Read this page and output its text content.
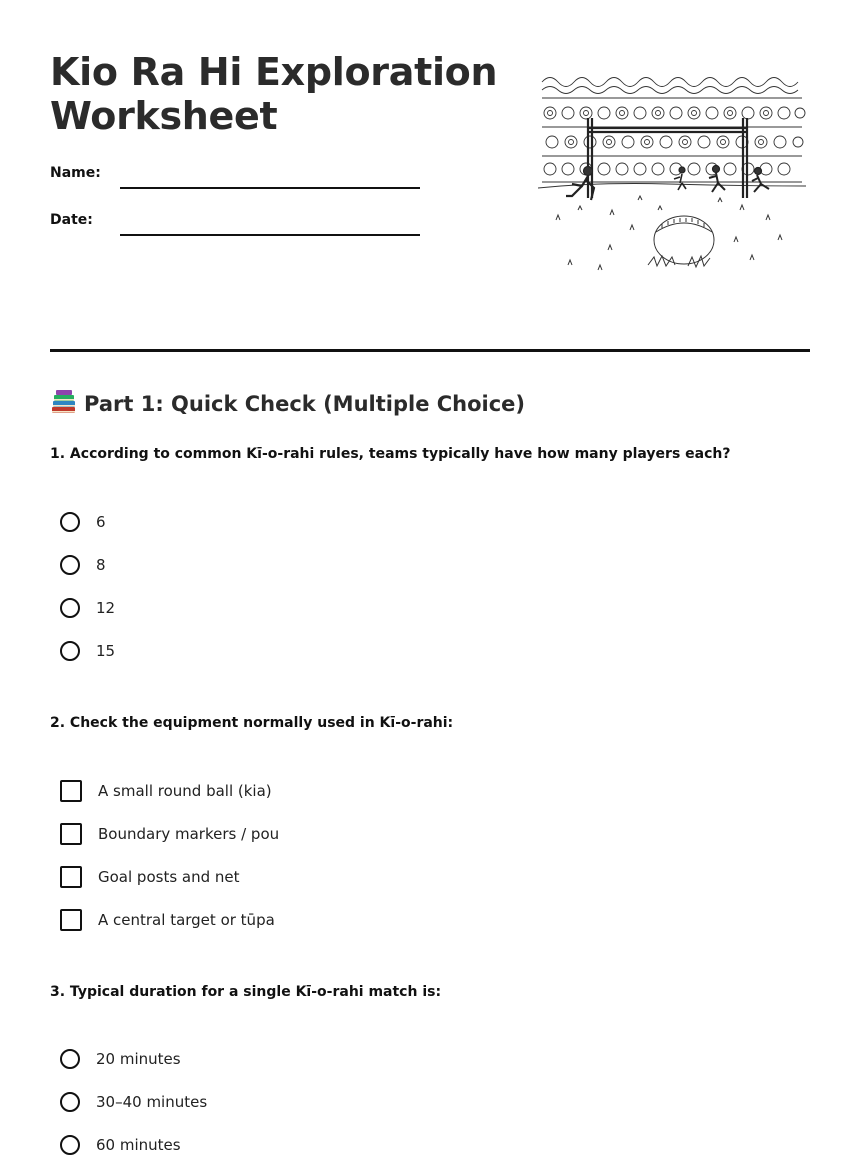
Kio Ra Hi Exploration
Worksheet
Name:
Date:
Part 1: Quick Check (Multiple Choice)
1. According to common Kī-o-rahi rules, teams typically have how many players each?
6
8
12
15
2. Check the equipment normally used in Kī-o-rahi:
A small round ball (kia)
Boundary markers / pou
Goal posts and net
A central target or tūpa
3. Typical duration for a single Kī-o-rahi match is:
20 minutes
30–40 minutes
60 minutes
